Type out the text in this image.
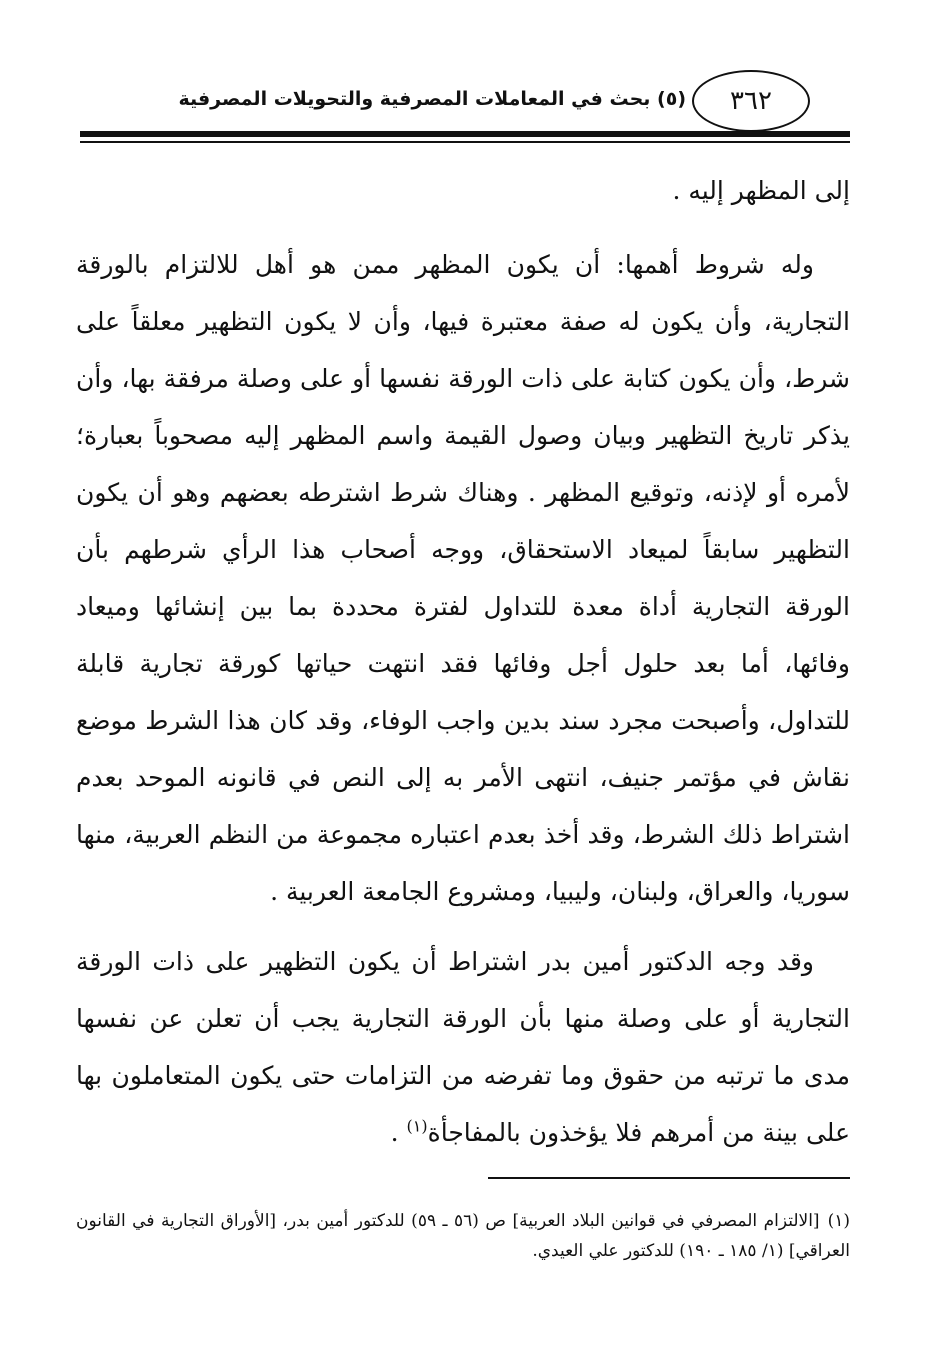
٣٦٢
(٥) بحث في المعاملات المصرفية والتحويلات المصرفية

إلى المظهر إليه .

وله شروط أهمها: أن يكون المظهر ممن هو أهل للالتزام بالورقة التجارية، وأن يكون له صفة معتبرة فيها، وأن لا يكون التظهير معلقاً على شرط، وأن يكون كتابة على ذات الورقة نفسها أو على وصلة مرفقة بها، وأن يذكر تاريخ التظهير وبيان وصول القيمة واسم المظهر إليه مصحوباً بعبارة؛ لأمره أو لإذنه، وتوقيع المظهر . وهناك شرط اشترطه بعضهم وهو أن يكون التظهير سابقاً لميعاد الاستحقاق، ووجه أصحاب هذا الرأي شرطهم بأن الورقة التجارية أداة معدة للتداول لفترة محددة بما بين إنشائها وميعاد وفائها، أما بعد حلول أجل وفائها فقد انتهت حياتها كورقة تجارية قابلة للتداول، وأصبحت مجرد سند بدين واجب الوفاء، وقد كان هذا الشرط موضع نقاش في مؤتمر جنيف، انتهى الأمر به إلى النص في قانونه الموحد بعدم اشتراط ذلك الشرط، وقد أخذ بعدم اعتباره مجموعة من النظم العربية، منها سوريا، والعراق، ولبنان، وليبيا، ومشروع الجامعة العربية .

وقد وجه الدكتور أمين بدر اشتراط أن يكون التظهير على ذات الورقة التجارية أو على وصلة منها بأن الورقة التجارية يجب أن تعلن عن نفسها مدى ما ترتبه من حقوق وما تفرضه من التزامات حتى يكون المتعاملون بها على بينة من أمرهم فلا يؤخذون بالمفاجأة$^{(١)}$ .

(١)[الالتزام المصرفي في قوانين البلاد العربية] ص (٥٦ ـ ٥٩) للدكتور أمين بدر، [الأوراق التجارية في القانون العراقي] (١/ ١٨٥ ـ ١٩٠) للدكتور علي العيدي.
